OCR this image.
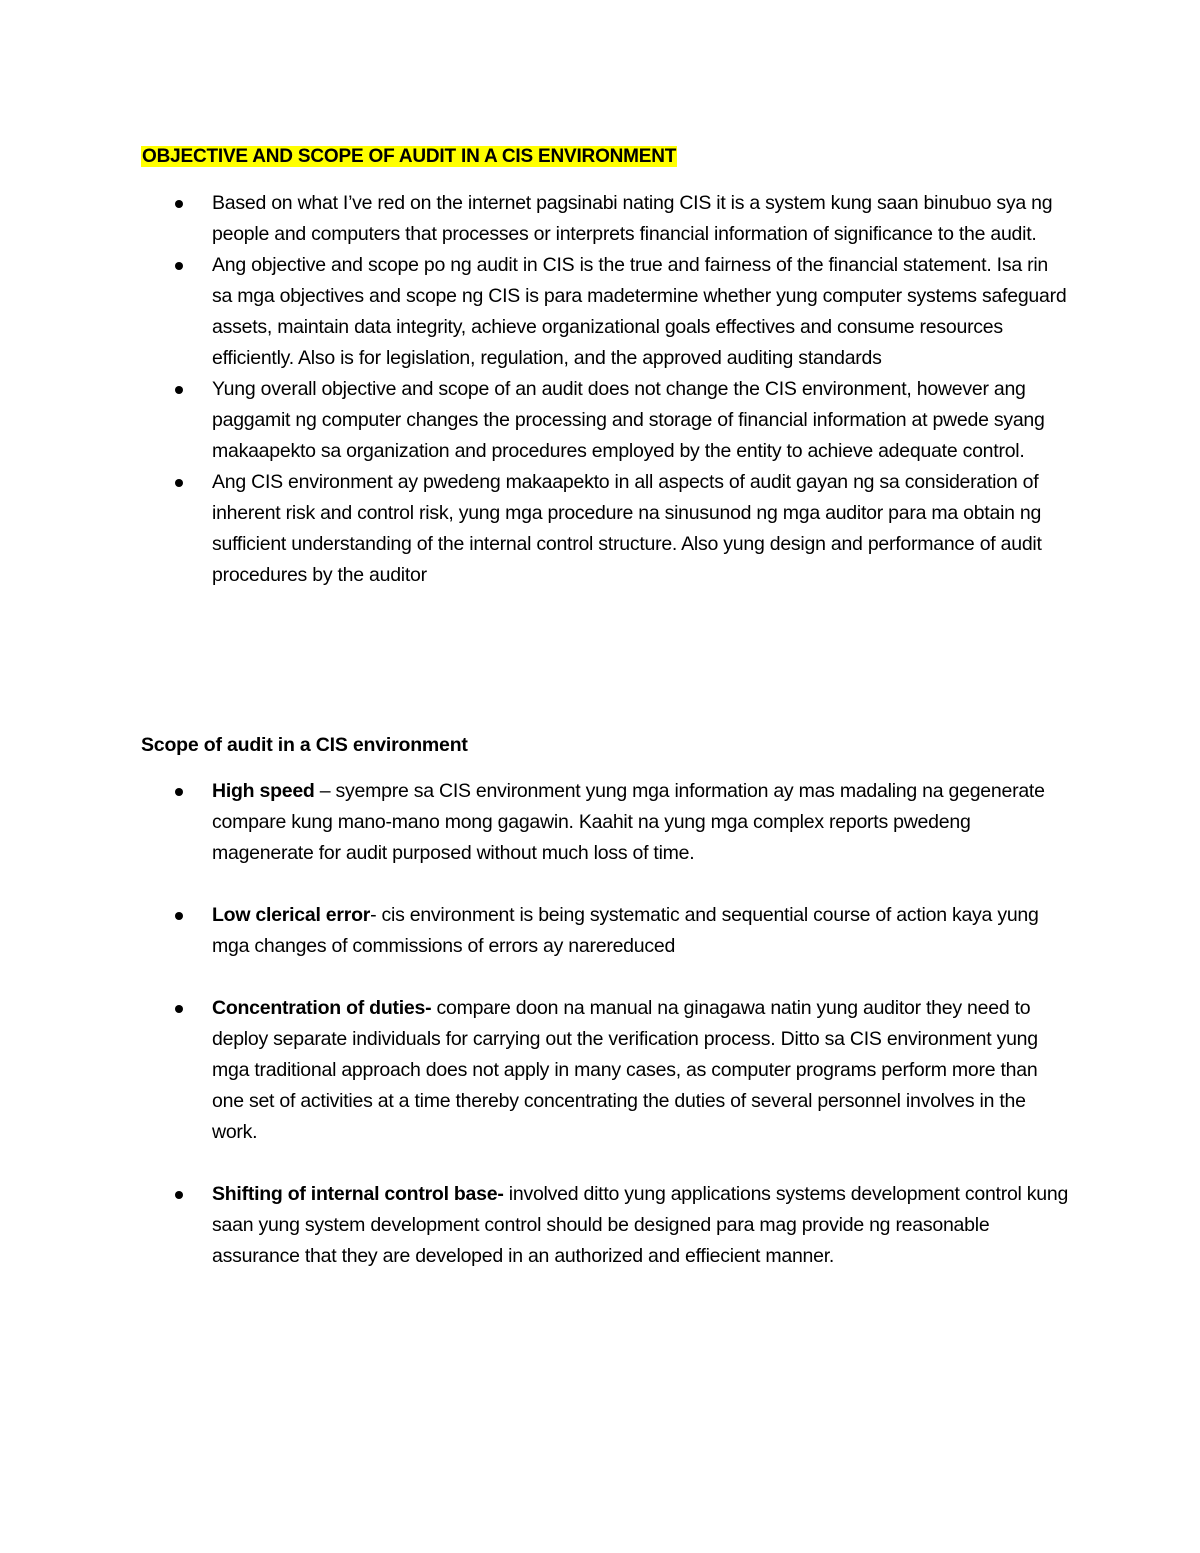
OBJECTIVE AND SCOPE OF AUDIT IN A CIS ENVIRONMENT
Based on what I’ve red on the internet pagsinabi nating CIS it is a system kung saan binubuo sya ng people and computers that processes or interprets financial information of significance to the audit.
Ang objective and scope po ng audit in CIS is the true and fairness of the financial statement. Isa rin sa mga objectives and scope ng CIS is para madetermine whether yung computer systems safeguard assets, maintain data integrity, achieve organizational goals effectives and consume resources efficiently. Also is for legislation, regulation, and the approved auditing standards
Yung overall objective and scope of an audit does not change the CIS environment, however ang paggamit ng computer changes the processing and storage of financial information at pwede syang makaapekto sa organization and procedures employed by the entity to achieve adequate control.
Ang CIS environment ay pwedeng makaapekto in all aspects of audit gayan ng sa consideration of inherent risk and control risk, yung mga procedure na sinusunod ng mga auditor para ma obtain ng sufficient understanding of the internal control structure. Also yung design and performance of audit procedures by the auditor
Scope of audit in a CIS environment
High speed – syempre sa CIS environment yung mga information ay mas madaling na gegenerate compare kung mano-mano mong gagawin. Kaahit na yung mga complex reports pwedeng magenerate for audit purposed without much loss of time.
Low clerical error- cis environment is being systematic and sequential course of action kaya yung mga changes of commissions of errors ay narereduced
Concentration of duties- compare doon na manual na ginagawa natin yung auditor they need to deploy separate individuals for carrying out the verification process. Ditto sa CIS environment yung mga traditional approach does not apply in many cases, as computer programs perform more than one set of activities at a time thereby concentrating the duties of several personnel involves in the work.
Shifting of internal control base- involved ditto yung applications systems development control kung saan yung system development control should be designed para mag provide ng reasonable assurance that they are developed in an authorized and effiecient manner.
